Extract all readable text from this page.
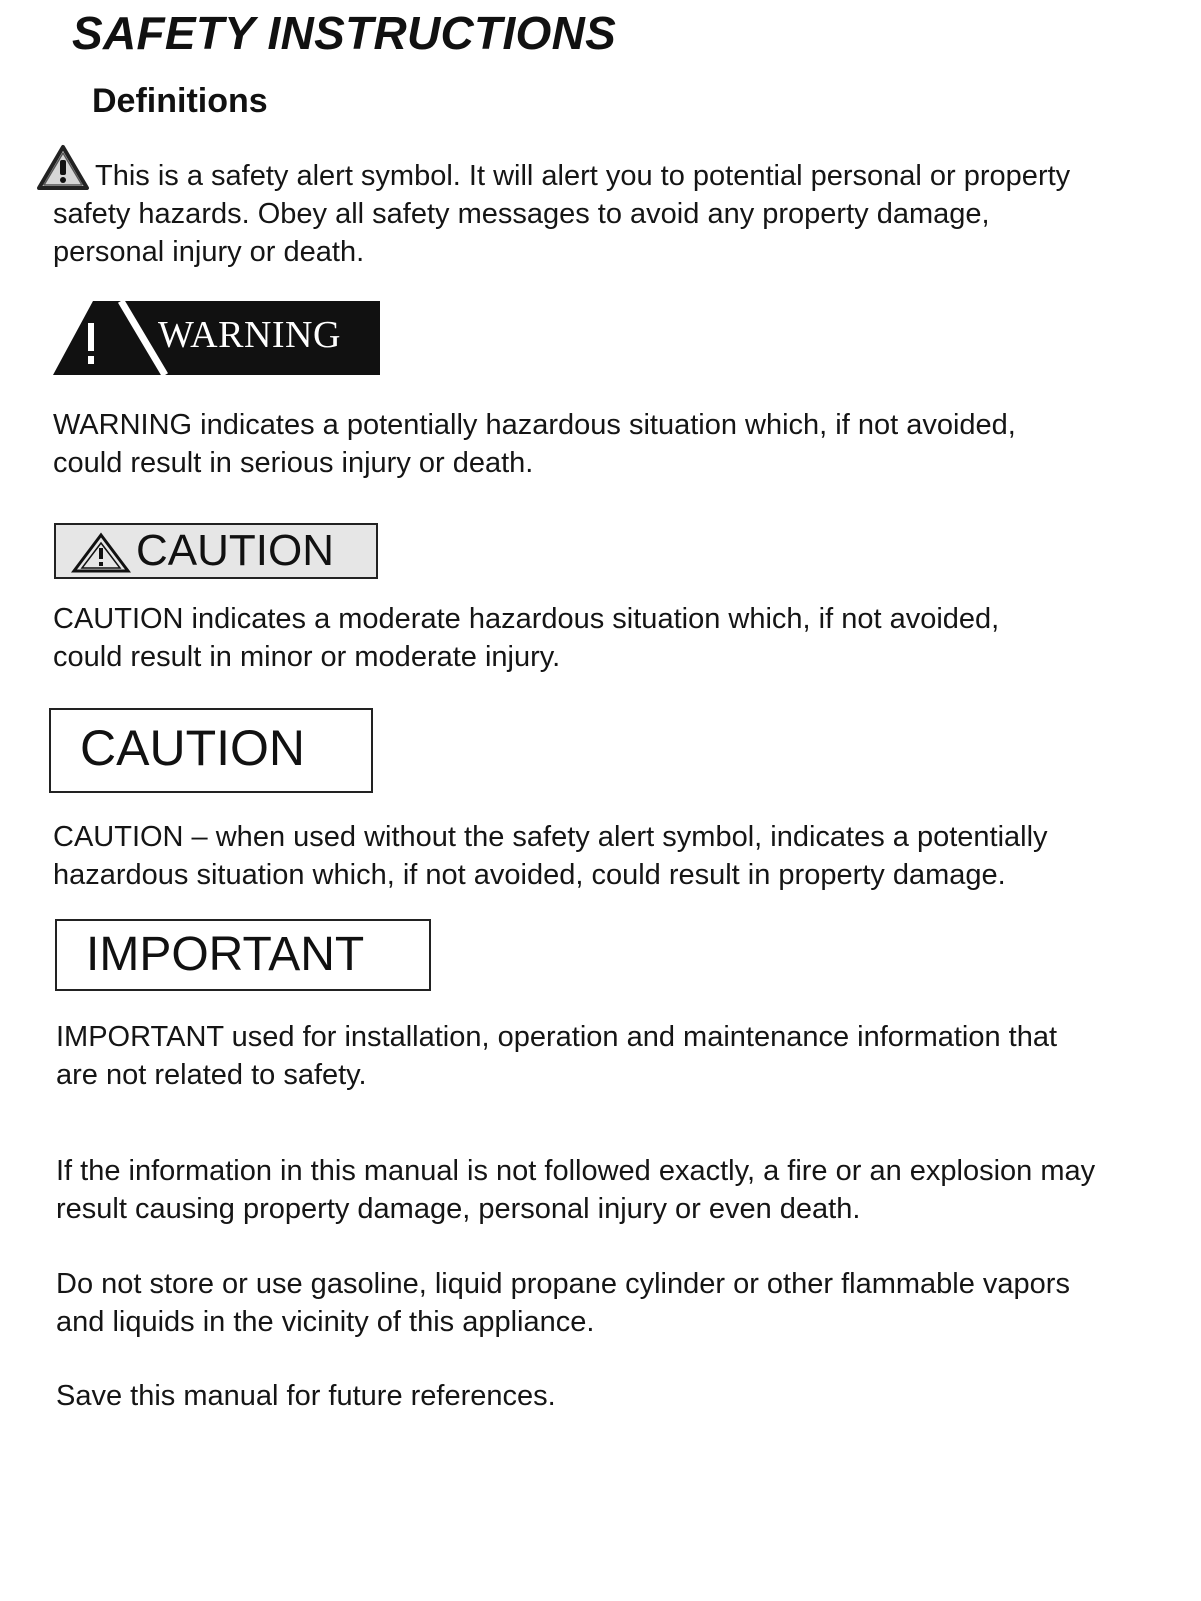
SAFETY INSTRUCTIONS
Definitions

This is a safety alert symbol. It will alert you to potential personal or property

safety hazards. Obey all safety messages to avoid any property damage,

personal injury or death.

WARNING
WARNING indicates a potentially hazardous situation which, if not avoided,
could result in serious injury or death.
CAUTION
CAUTION indicates a moderate hazardous situation which, if not avoided,
could result in minor or moderate injury.
CAUTION
CAUTION – when used without the safety alert symbol, indicates a potentially
hazardous situation which, if not avoided, could result in property damage.
IMPORTANT
IMPORTANT used for installation, operation and maintenance information that
are not related to safety.
If the information in this manual is not followed exactly, a fire or an explosion may
result causing property damage, personal injury or even death.
Do not store or use gasoline, liquid propane cylinder or other flammable vapors
and liquids in the vicinity of this appliance.
Save this manual for future references.
